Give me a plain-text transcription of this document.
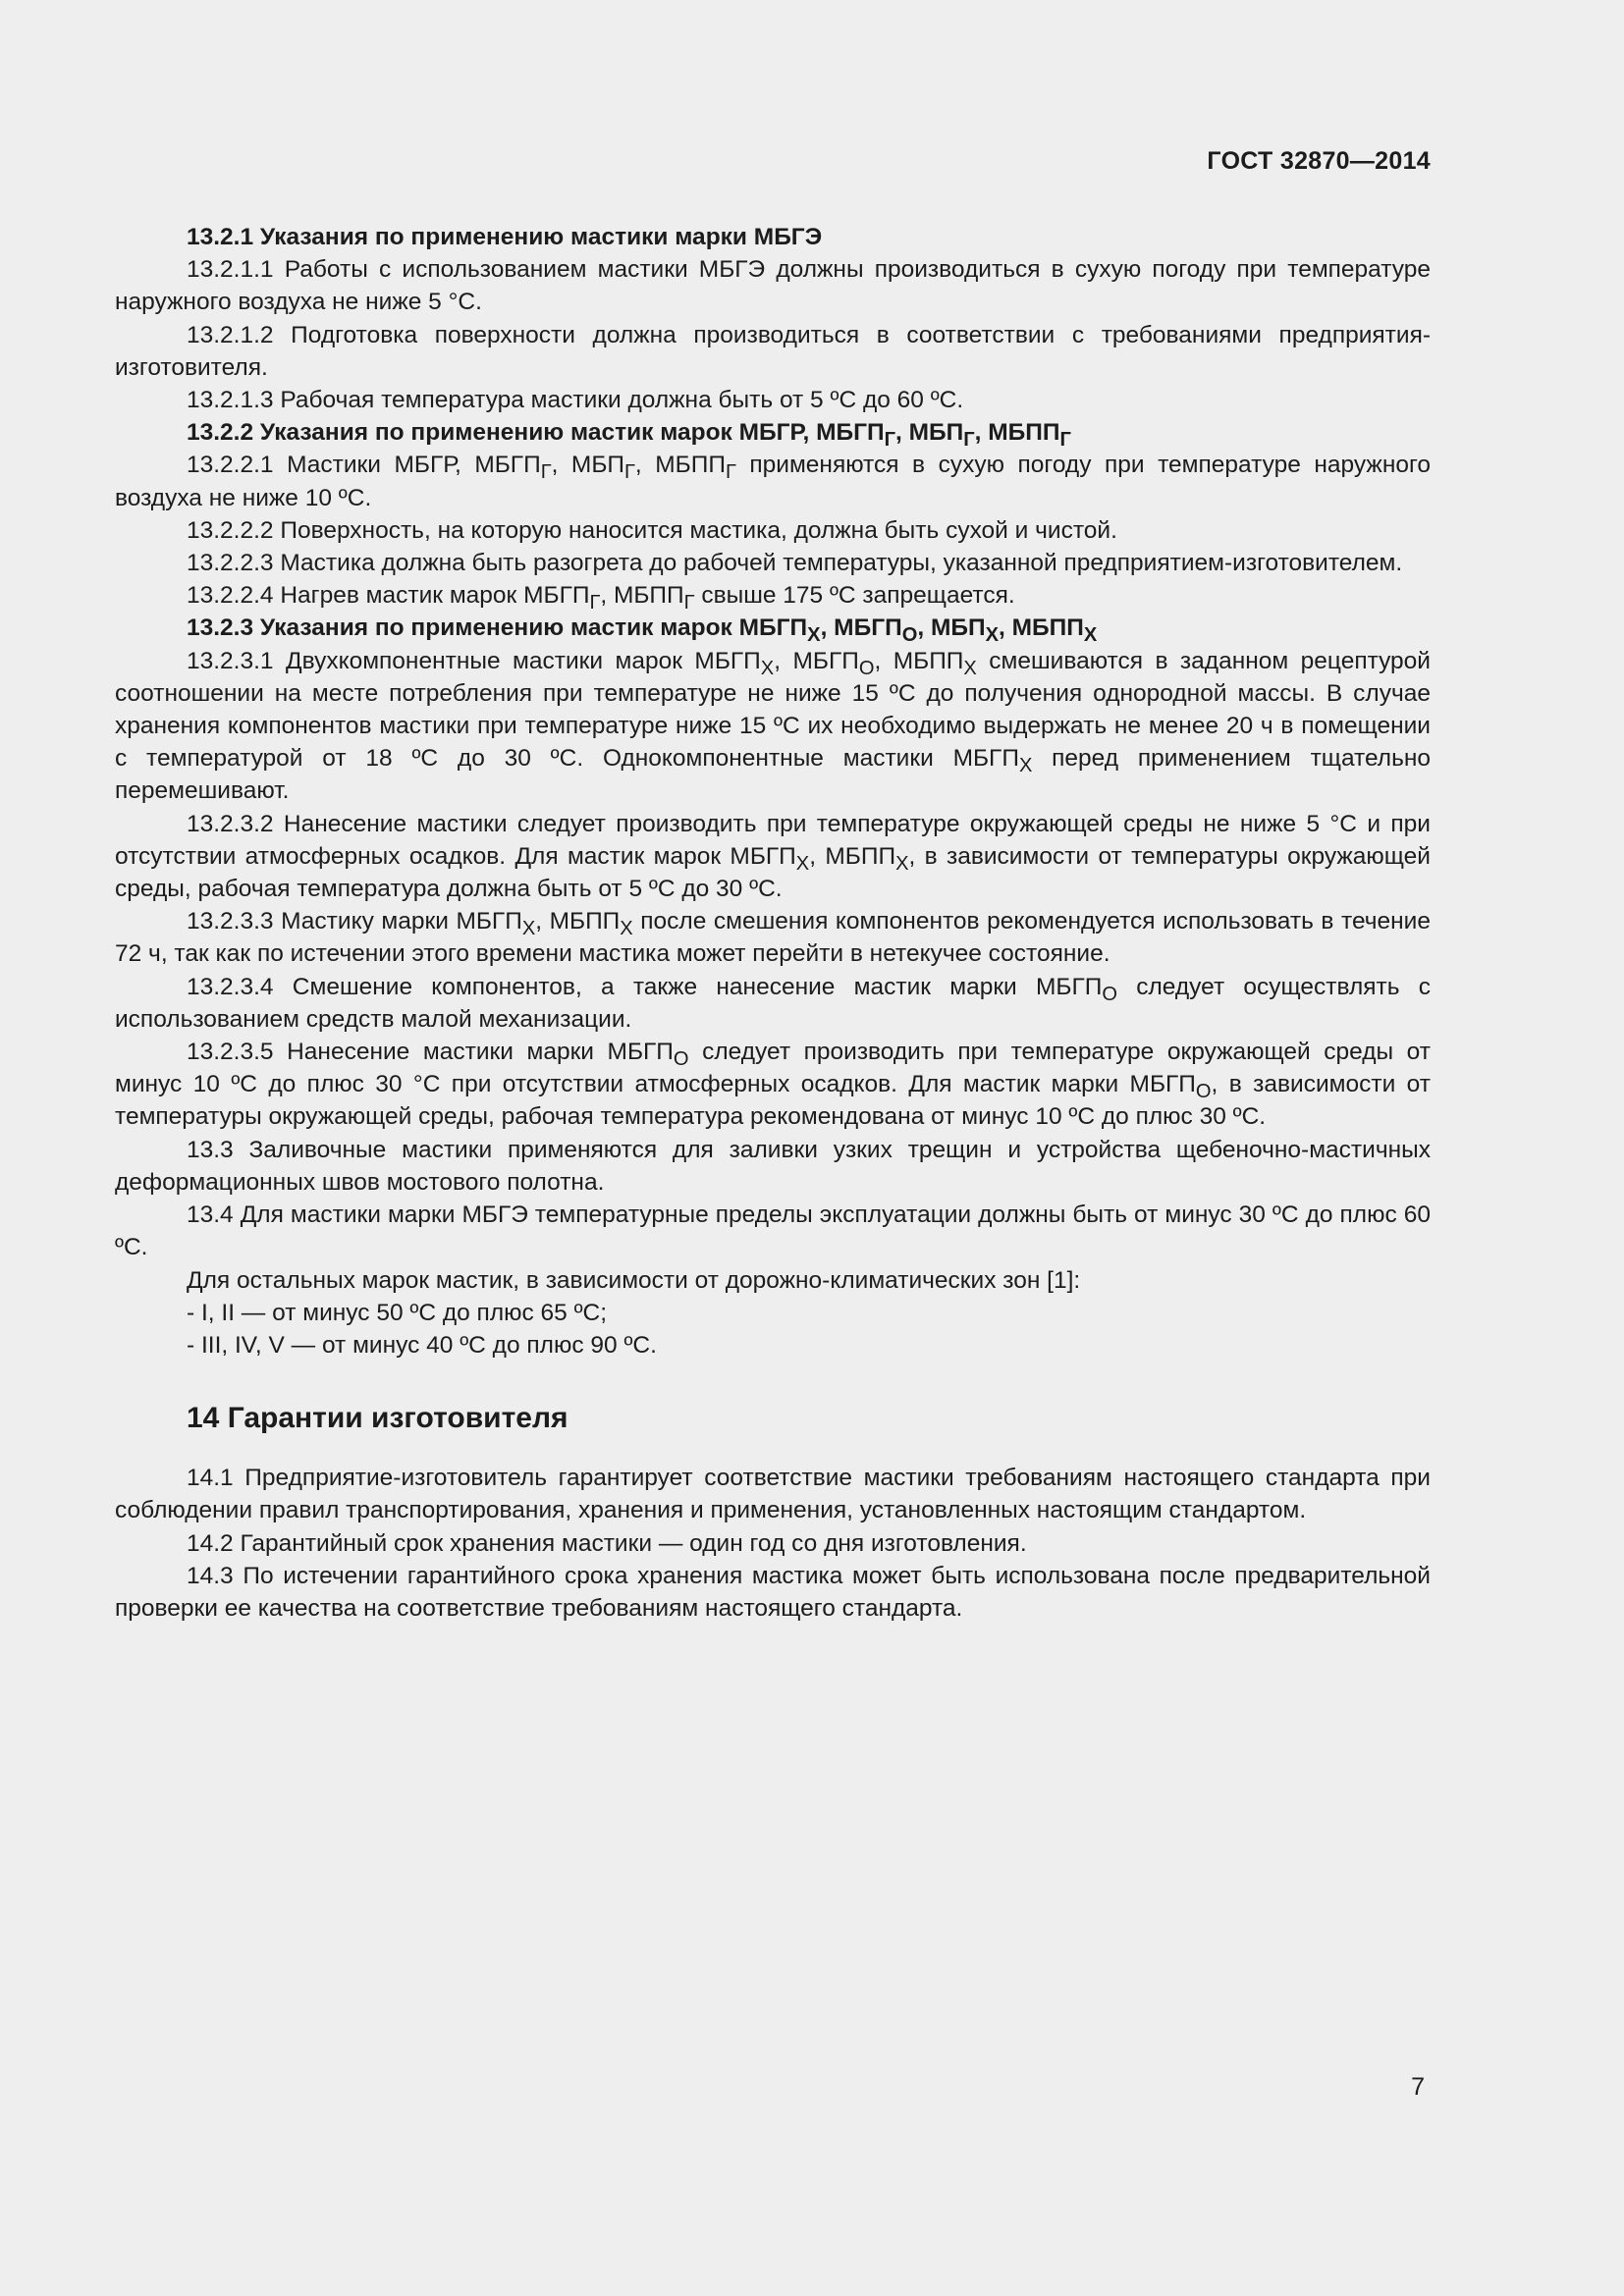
ГОСТ 32870—2014

13.2.1 Указания по применению мастики марки МБГЭ

13.2.1.1 Работы с использованием мастики МБГЭ должны производиться в сухую погоду при температуре наружного воздуха не ниже 5 °С.

13.2.1.2 Подготовка поверхности должна производиться в соответствии с требованиями предприятия-изготовителя.

13.2.1.3 Рабочая температура мастики должна быть от 5 ºС до 60 ºС.

13.2.2 Указания по применению мастик марок МБГР, $МБГП_Г$, $МБП_Г$, $МБПП_Г$

13.2.2.1 Мастики МБГР, $МБГП_Г$, $МБП_Г$, $МБПП_Г$ применяются в сухую погоду при температуре наружного воздуха не ниже 10 ºС.

13.2.2.2 Поверхность, на которую наносится мастика, должна быть сухой и чистой.

13.2.2.3 Мастика должна быть разогрета до рабочей температуры, указанной предприятием-изготовителем.

13.2.2.4 Нагрев мастик марок $МБГП_Г$, $МБПП_Г$ свыше 175 ºС запрещается.

13.2.3 Указания по применению мастик марок $МБГП_Х$, $МБГП_О$, $МБП_Х$, $МБПП_Х$

13.2.3.1 Двухкомпонентные мастики марок $МБГП_Х$, $МБГП_О$, $МБПП_Х$ смешиваются в заданном рецептурой соотношении на месте потребления при температуре не ниже 15 ºС до получения однородной массы. В случае хранения компонентов мастики при температуре ниже 15 ºС их необходимо выдержать не менее 20 ч в помещении с температурой от 18 ºС до 30 ºС. Однокомпонентные мастики $МБГП_Х$ перед применением тщательно перемешивают.

13.2.3.2 Нанесение мастики следует производить при температуре окружающей среды не ниже 5 °С и при отсутствии атмосферных осадков. Для мастик марок $МБГП_Х$, $МБПП_Х$, в зависимости от температуры окружающей среды, рабочая температура должна быть от 5 ºС до 30 ºС.

13.2.3.3 Мастику марки $МБГП_Х$, $МБПП_Х$ после смешения компонентов рекомендуется использовать в течение 72 ч, так как по истечении этого времени мастика может перейти в нетекучее состояние.

13.2.3.4 Смешение компонентов, а также нанесение мастик марки $МБГП_О$ следует осуществлять с использованием средств малой механизации.

13.2.3.5 Нанесение мастики марки $МБГП_О$ следует производить при температуре окружающей среды от минус 10 ºС до плюс 30 °С при отсутствии атмосферных осадков. Для мастик марки $МБГП_О$, в зависимости от температуры окружающей среды, рабочая температура рекомендована от минус 10 ºС до плюс 30 ºС.

13.3 Заливочные мастики применяются для заливки узких трещин и устройства щебеночно-мастичных деформационных швов мостового полотна.

13.4 Для мастики марки МБГЭ температурные пределы эксплуатации должны быть от минус 30 ºС до плюс 60 ºС.

Для остальных марок мастик, в зависимости от дорожно-климатических зон [1]:

- I, II — от минус 50 ºС до плюс 65 ºС;

- III, IV, V — от минус 40 ºС до плюс 90 ºС.

14 Гарантии изготовителя

14.1 Предприятие-изготовитель гарантирует соответствие мастики требованиям настоящего стандарта при соблюдении правил транспортирования, хранения и применения, установленных настоящим стандартом.

14.2 Гарантийный срок хранения мастики — один год со дня изготовления.

14.3 По истечении гарантийного срока хранения мастика может быть использована после предварительной проверки ее качества на соответствие требованиям настоящего стандарта.

7
